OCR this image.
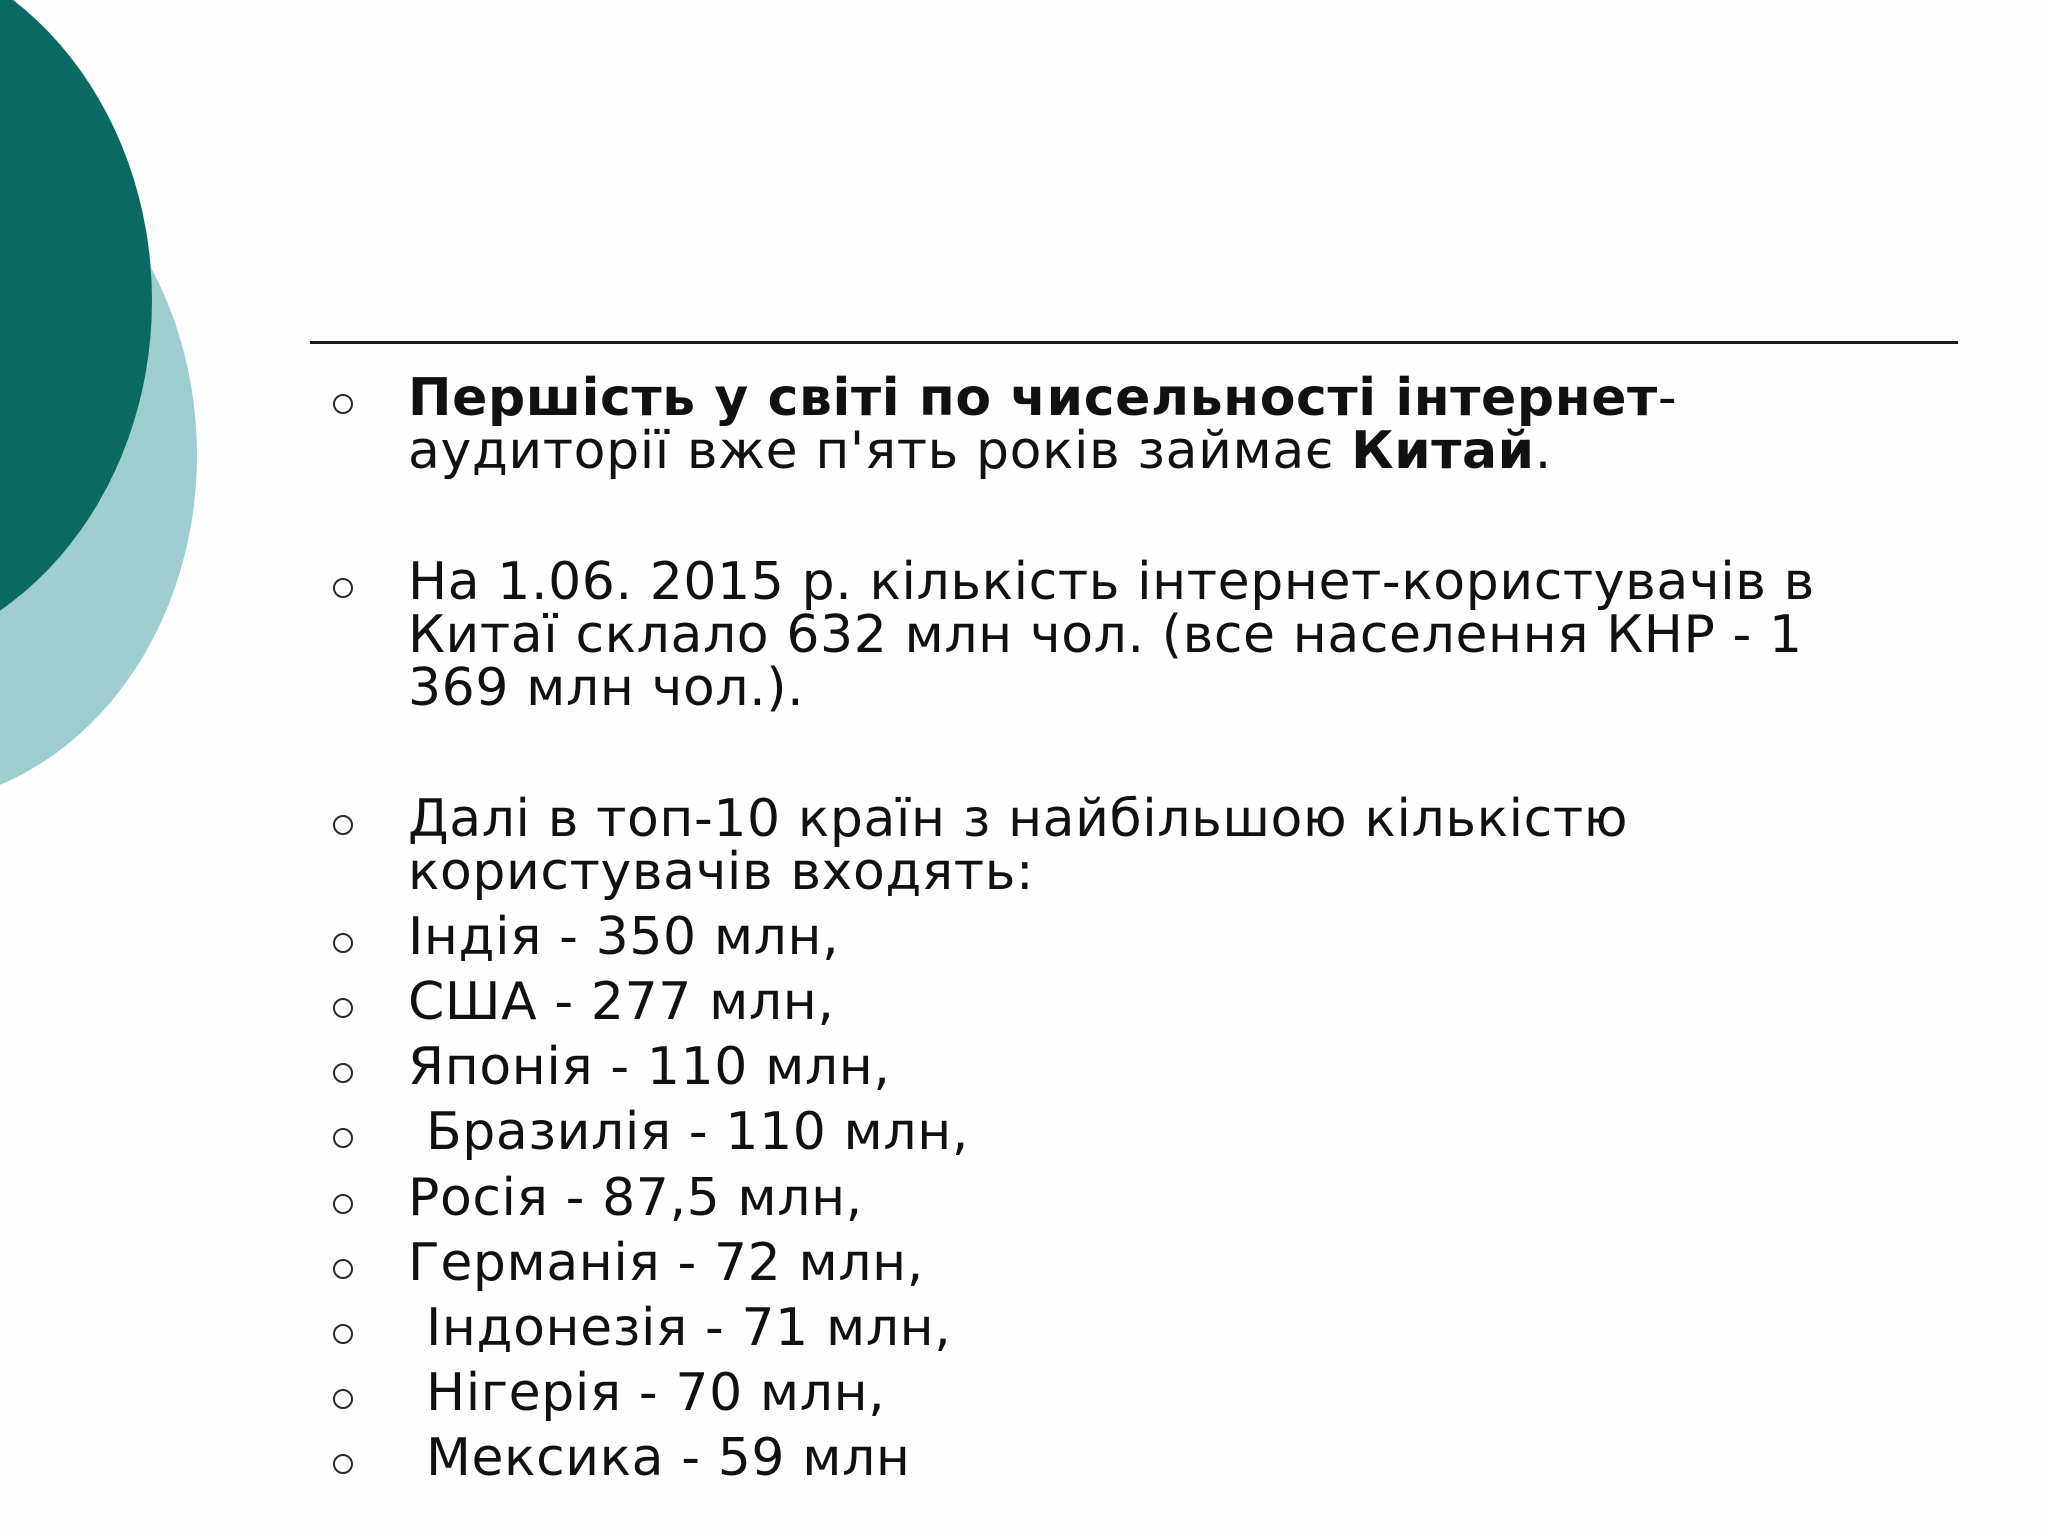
Першість у світі по чисельності інтернет-
аудиторії вже п'ять років займає Китай.
На 1.06. 2015 р. кількість інтернет-користувачів в
Китаї склало 632 млн чол. (все населення КНР - 1
369 млн чол.).
Далі в топ-10 країн з найбільшою кількістю
користувачів входять:
Індія - 350 млн,
США - 277 млн,
Японія - 110 млн,
Бразилія - 110 млн,
Росія - 87,5 млн,
Германія - 72 млн,
Індонезія - 71 млн,
Нігерія - 70 млн,
Мексика - 59 млн
